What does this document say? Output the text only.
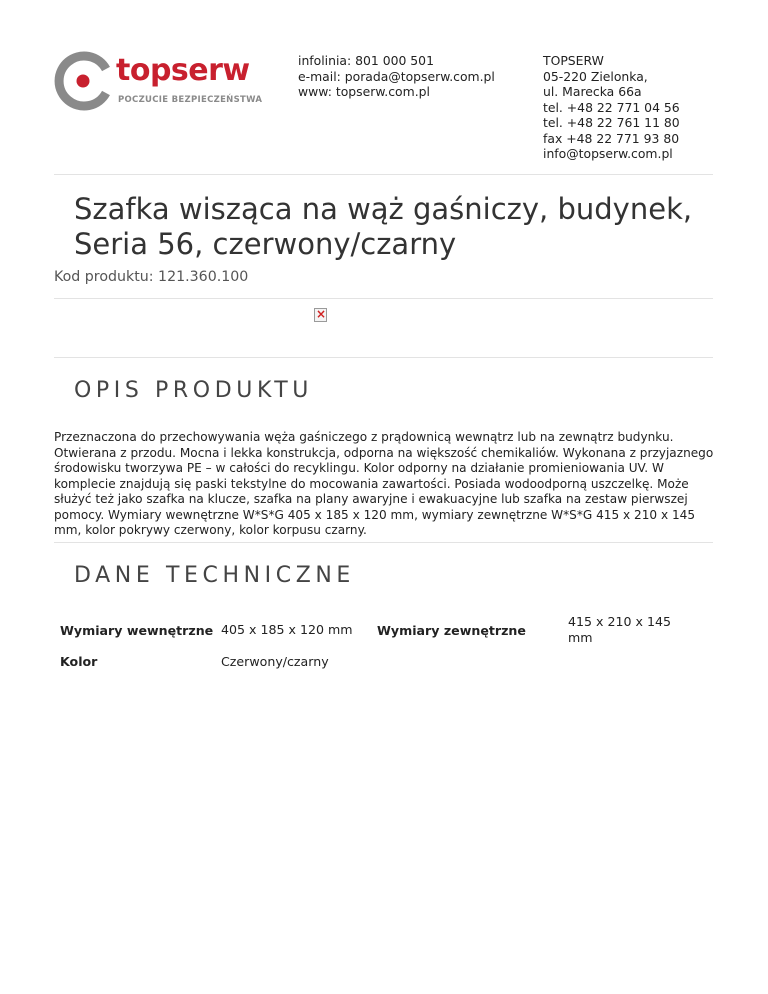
topserw
POCZUCIE BEZPIECZEŃSTWA
infolinia: 801 000 501
e-mail: porada@topserw.com.pl
www: topserw.com.pl
TOPSERW
05-220 Zielonka,
ul. Marecka 66a
tel. +48 22 771 04 56
tel. +48 22 761 11 80
fax +48 22 771 93 80
info@topserw.com.pl
Szafka wisząca na wąż gaśniczy, budynek, Seria 56, czerwony/czarny
Kod produktu: 121.360.100
×
OPIS PRODUKTU

Przeznaczona do przechowywania węża gaśniczego z prądownicą wewnątrz lub na zewnątrz budynku. Otwierana z przodu. Mocna i lekka konstrukcja, odporna na większość chemikaliów. Wykonana z przyjaznego środowisku tworzywa PE – w całości do recyklingu. Kolor odporny na działanie promieniowania UV. W komplecie znajdują się paski tekstylne do mocowania zawartości. Posiada wodoodporną uszczelkę. Może służyć też jako szafka na klucze, szafka na plany awaryjne i ewakuacyjne lub szafka na zestaw pierwszej pomocy. Wymiary wewnętrzne W*S*G 405 x 185 x 120 mm, wymiary zewnętrzne W*S*G 415 x 210 x 145 mm, kolor pokrywy czerwony, kolor korpusu czarny.

DANE TECHNICZNE
Wymiary wewnętrzne 405 x 185 x 120 mm Wymiary zewnętrzne
415 x 210 x 145 mm
Kolor	Czerwony/czarny
